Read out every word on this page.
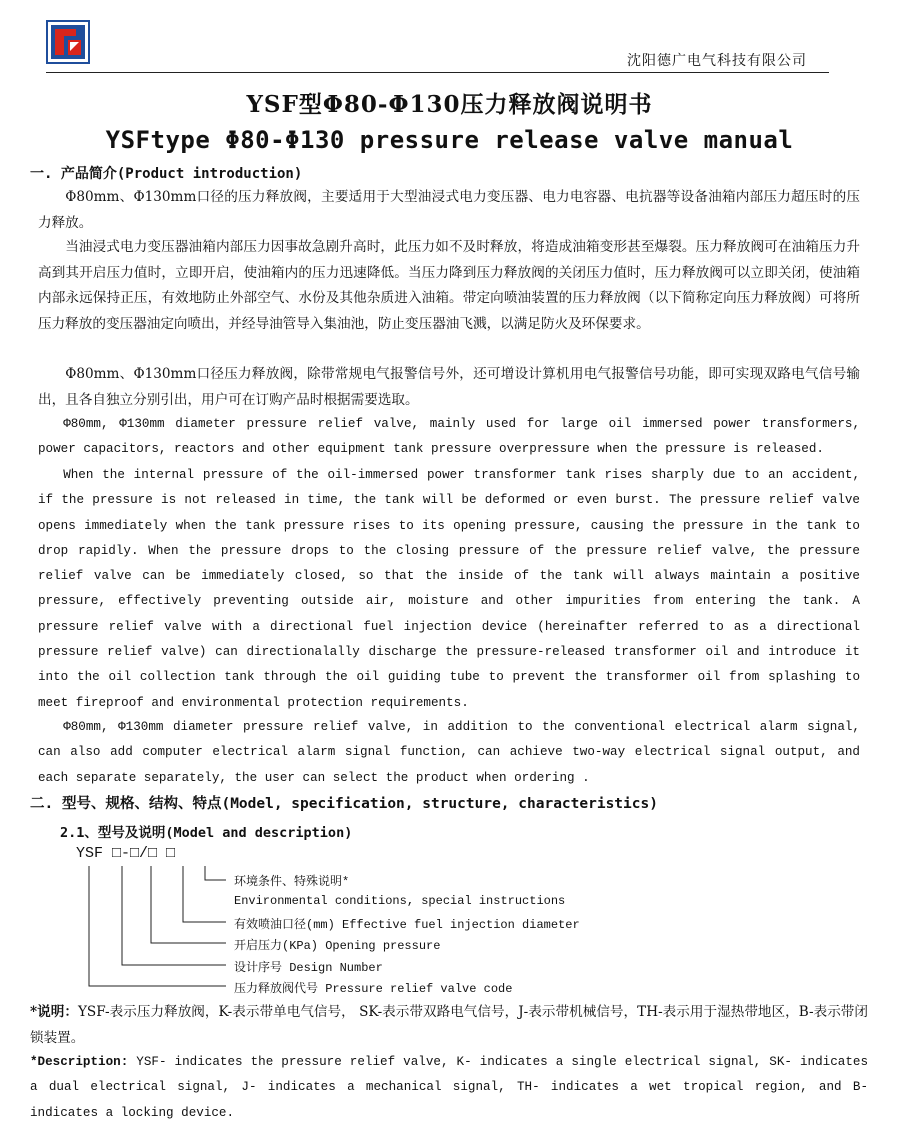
沈阳德广电气科技有限公司
YSF型Φ80-Φ130压力释放阀说明书
YSFtype Φ80-Φ130 pressure release valve manual
一. 产品简介(Product introduction)
Φ80mm、Φ130mm口径的压力释放阀，主要适用于大型油浸式电力变压器、电力电容器、电抗器等设备油箱内部压力超压时的压力释放。
当油浸式电力变压器油箱内部压力因事故急剧升高时，此压力如不及时释放，将造成油箱变形甚至爆裂。压力释放阀可在油箱压力升高到其开启压力值时，立即开启，使油箱内的压力迅速降低。当压力降到压力释放阀的关闭压力值时，压力释放阀可以立即关闭，使油箱内部永远保持正压，有效地防止外部空气、水份及其他杂质进入油箱。带定向喷油装置的压力释放阀（以下简称定向压力释放阀）可将所压力释放的变压器油定向喷出，并经导油管导入集油池，防止变压器油飞溅，以满足防火及环保要求。
Φ80mm、Φ130mm口径压力释放阀，除带常规电气报警信号外，还可增设计算机用电气报警信号功能，即可实现双路电气信号输出，且各自独立分别引出，用户可在订购产品时根据需要选取。
Φ80mm, Φ130mm diameter pressure relief valve, mainly used for large oil immersed power transformers, power capacitors, reactors and other equipment tank pressure overpressure when the pressure is released.
When the internal pressure of the oil-immersed power transformer tank rises sharply due to an accident, if the pressure is not released in time, the tank will be deformed or even burst. The pressure relief valve opens immediately when the tank pressure rises to its opening pressure, causing the pressure in the tank to drop rapidly. When the pressure drops to the closing pressure of the pressure relief valve, the pressure relief valve can be immediately closed, so that the inside of the tank will always maintain a positive pressure, effectively preventing outside air, moisture and other impurities from entering the tank. A pressure relief valve with a directional fuel injection device (hereinafter referred to as a directional pressure relief valve) can directionalally discharge the pressure-released transformer oil and introduce it into the oil collection tank through the oil guiding tube to prevent the transformer oil from splashing to meet fireproof and environmental protection requirements.
Φ80mm, Φ130mm diameter pressure relief valve, in addition to the conventional electrical alarm signal, can also add computer electrical alarm signal function, can achieve two-way electrical signal output, and each separate separately, the user can select the product when ordering .
二. 型号、规格、结构、特点(Model, specification, structure, characteristics)
2.1、型号及说明(Model and description)
YSF □-□/□ □
环境条件、特殊说明*
Environmental conditions, special instructions
有效喷油口径(mm) Effective fuel injection diameter
开启压力(KPa) Opening pressure
设计序号 Design Number
压力释放阀代号 Pressure relief valve code
*说明：YSF-表示压力释放阀，K-表示带单电气信号， SK-表示带双路电气信号，J-表示带机械信号，TH-表示用于湿热带地区，B-表示带闭锁装置。
*Description: YSF- indicates the pressure relief valve, K- indicates a single electrical signal, SK- indicates a dual electrical signal, J- indicates a mechanical signal, TH- indicates a wet tropical region, and B- indicates a locking device.
